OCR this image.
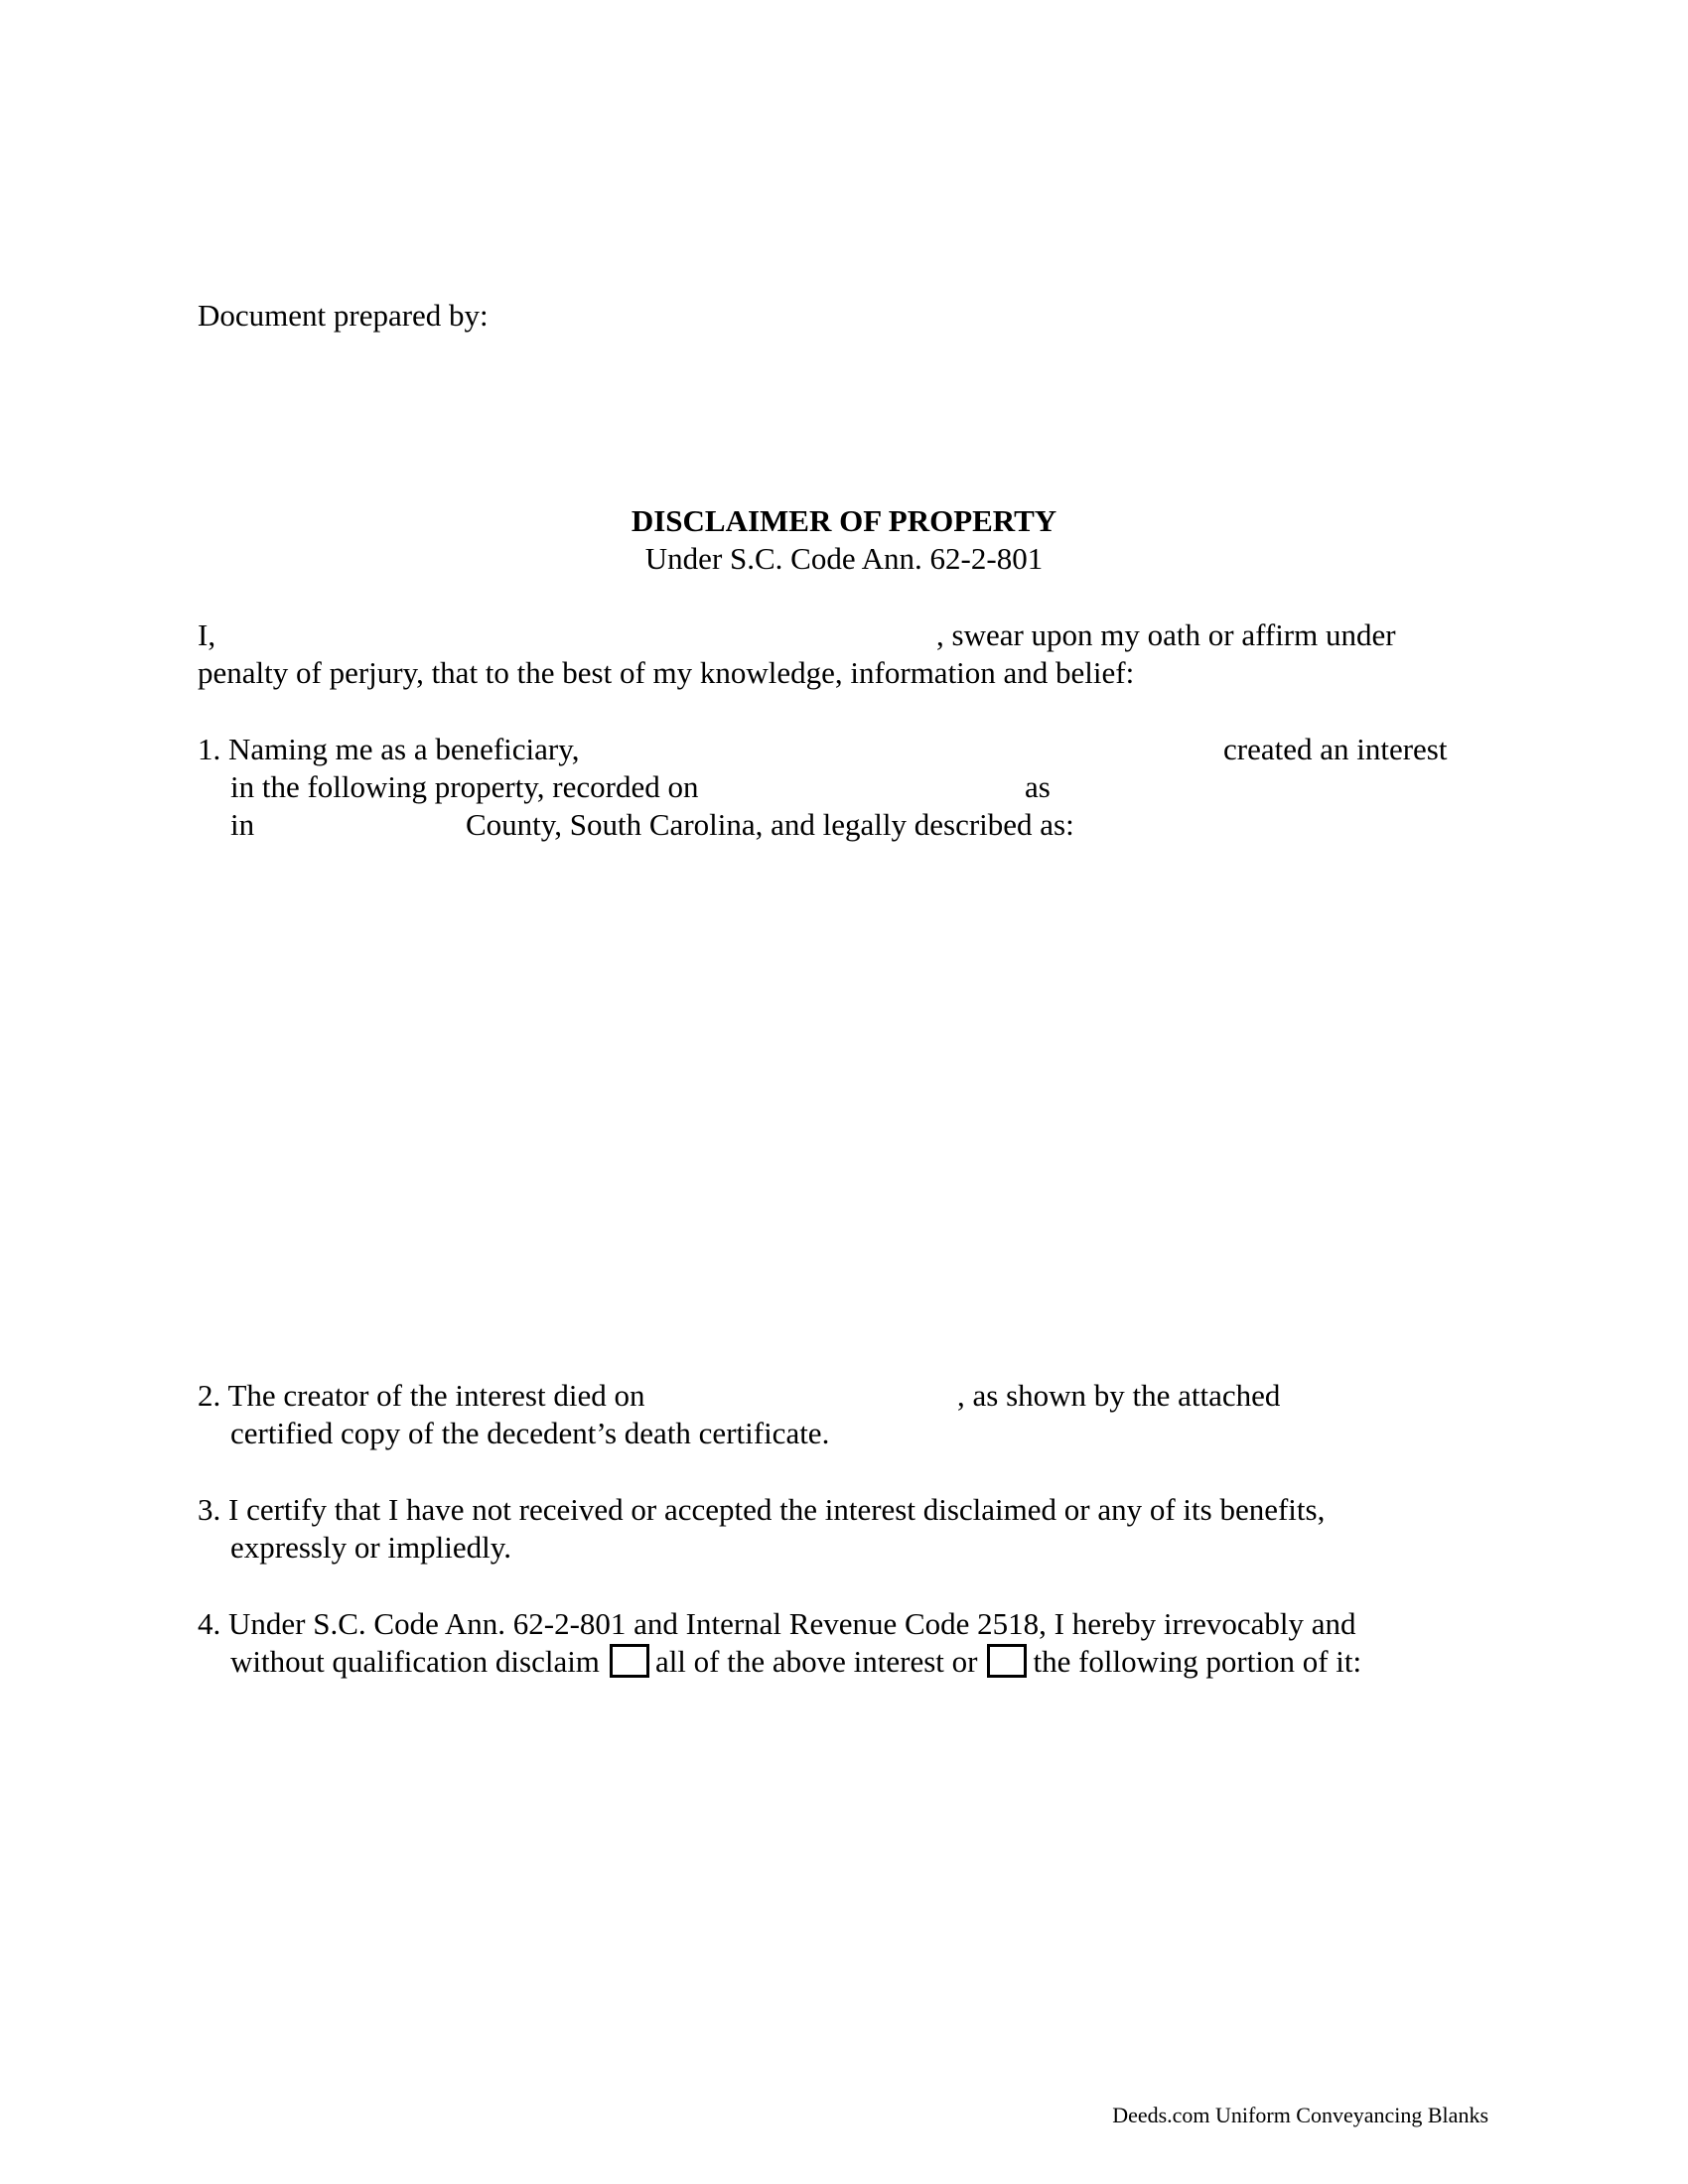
Document prepared by:
DISCLAIMER OF PROPERTY
Under S.C. Code Ann. 62-2-801
I,	, swear upon my oath or affirm under
penalty of perjury, that to the best of my knowledge, information and belief:
1. Naming me as a beneficiary,	created an interest
in the following property, recorded on	as
in	County, South Carolina, and legally described as:
2. The creator of the interest died on	, as shown by the attached
certified copy of the decedent’s death certificate.
3. I certify that I have not received or accepted the interest disclaimed or any of its benefits,
expressly or impliedly.
4. Under S.C. Code Ann. 62-2-801 and Internal Revenue Code 2518, I hereby irrevocably and
without qualification disclaim all of the above interest or the following portion of it:
Deeds.com Uniform Conveyancing Blanks
